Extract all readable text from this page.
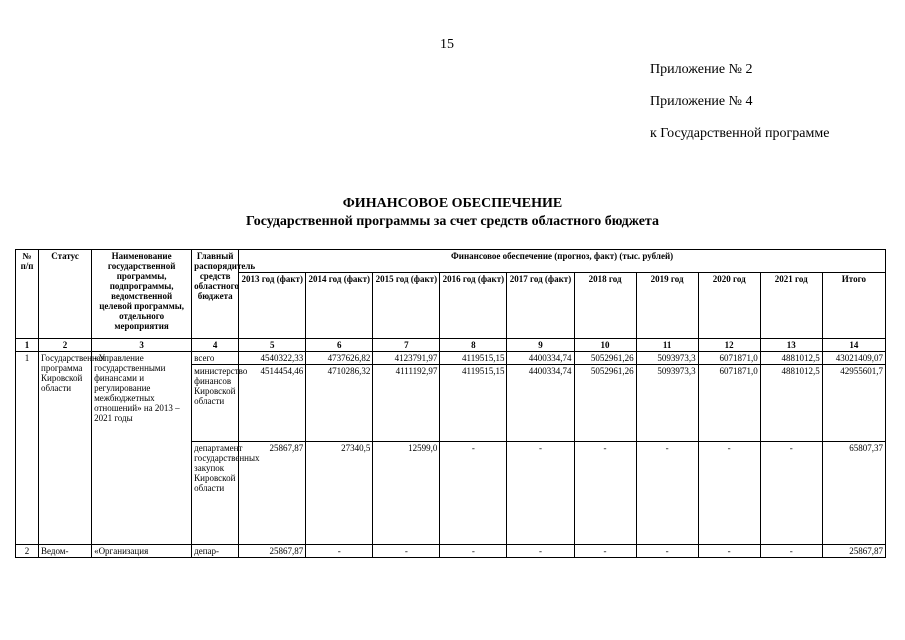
15
Приложение № 2
Приложение № 4
к Государственной программе
ФИНАНСОВОЕ ОБЕСПЕЧЕНИЕ
Государственной программы за счет средств областного бюджета
№ п/п	Статус	Наименование государственной программы, подпрограммы, ведомственной целевой программы, отдельного мероприятия	Главный распорядитель средств областного бюджета	Финансовое обеспечение (прогноз, факт) (тыс. рублей)									
				2013 год (факт)	2014 год (факт)	2015 год (факт)	2016 год (факт)	2017 год (факт)	2018 год	2019 год	2020 год	2021 год	Итого
1	2	3	4	5	6	7	8	9	10	11	12	13	14
1	Государственная программа Кировской области	«Управление государственными финансами и регулирование межбюджетных отношений» на 2013 – 2021 годы	всего	4540322,33	4737626,82	4123791,97	4119515,15	4400334,74	5052961,26	5093973,3	6071871,0	4881012,5	43021409,07
			министерство финансов Кировской области	4514454,46	4710286,32	4111192,97	4119515,15	4400334,74	5052961,26	5093973,3	6071871,0	4881012,5	42955601,7
			департамент государственных закупок Кировской области	25867,87	27340,5	12599,0	-	-	-	-	-	-	65807,37
2	Ведом-	«Организация	депар-	25867,87	-	-	-	-	-	-	-	-	25867,87
